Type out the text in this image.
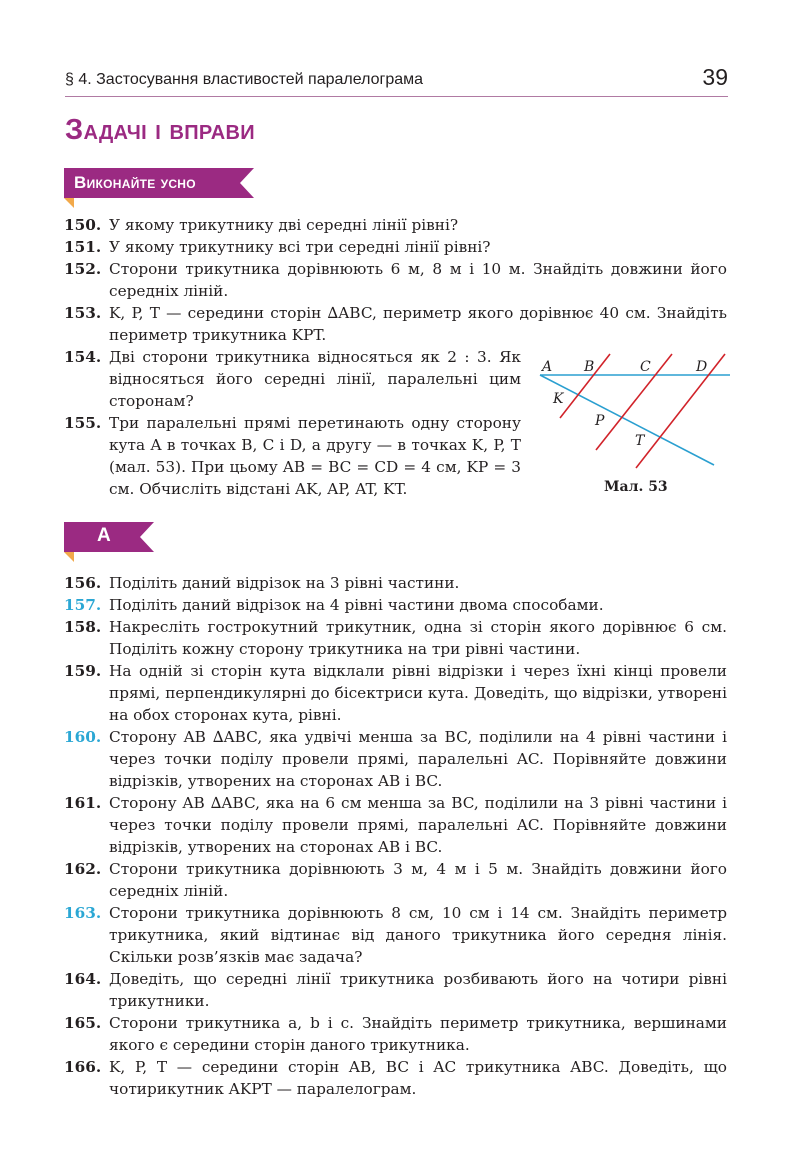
§ 4. Застосування властивостей паралелограма	39
Задачі і вправи
Виконайте усно
150. У якому трикутнику дві середні лінії рівні?
151. У якому трикутнику всі три середні лінії рівні?
152. Сторони трикутника дорівнюють 6 м, 8 м і 10 м. Знайдіть довжини його середніх ліній.
153. K, P, T — середини сторін ∆ABC, периметр якого дорівнює 40 см. Знайдіть периметр трикутника KPT.
154. Дві сторони трикутника відносяться як 2 : 3. Як відносяться його середні лінії, паралельні цим сторонам?
155. Три паралельні прямі перетинають одну сторону кута A в точках B, C і D, а другу — в точках K, P, T (мал. 53). При цьому AB = BC = CD = 4 см, KP = 3 см. Обчисліть відстані AK, AP, AT, KT.
A B	C	D
K
P
T
Мал. 53
А
156. Поділіть даний відрізок на 3 рівні частини.
157. Поділіть даний відрізок на 4 рівні частини двома способами.
158. Накресліть гострокутний трикутник, одна зі сторін якого дорівнює 6 см. Поділіть кожну сторону трикутника на три рівні частини.
159. На одній зі сторін кута відклали рівні відрізки і через їхні кінці провели прямі, перпендикулярні до бісектриси кута. Доведіть, що відрізки, утворені на обох сторонах кута, рівні.
160. Сторону AB ∆ABC, яка удвічі менша за BC, поділили на 4 рівні частини і через точки поділу провели прямі, паралельні AC. Порівняйте довжини відрізків, утворених на сторонах AB і BC.
161. Сторону AB ∆ABC, яка на 6 см менша за BC, поділили на 3 рівні частини і через точки поділу провели прямі, паралельні AC. Порівняйте довжини відрізків, утворених на сторонах AB і BC.
162. Сторони трикутника дорівнюють 3 м, 4 м і 5 м. Знайдіть довжини його середніх ліній.
163. Сторони трикутника дорівнюють 8 см, 10 см і 14 см. Знайдіть периметр трикутника, який відтинає від даного трикутника його середня лінія. Скільки розв’язків має задача?
164. Доведіть, що середні лінії трикутника розбивають його на чотири рівні трикутники.
165. Сторони трикутника a, b і c. Знайдіть периметр трикутника, вершинами якого є середини сторін даного трикутника.
166. K, P, T — середини сторін AB, BC і AC трикутника ABC. Доведіть, що чотирикутник AKPT — паралелограм.
